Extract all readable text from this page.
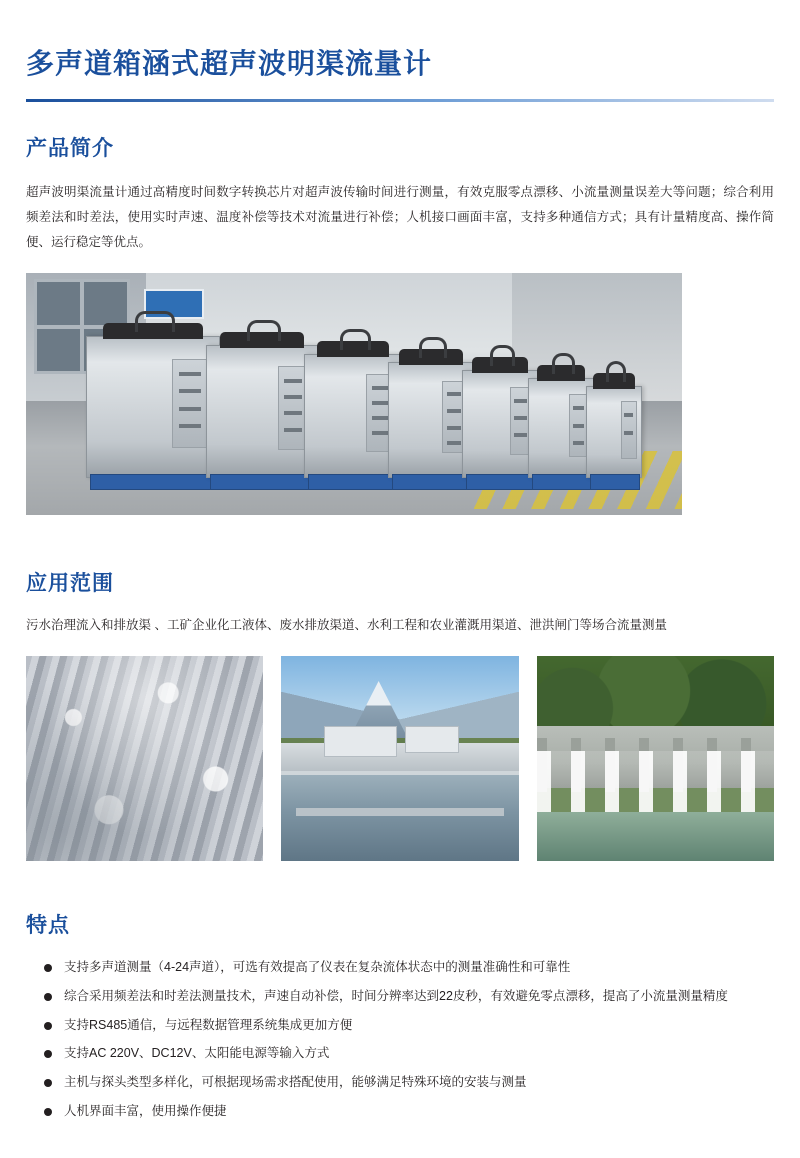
多声道箱涵式超声波明渠流量计
产品简介

超声波明渠流量计通过高精度时间数字转换芯片对超声波传输时间进行测量，有效克服零点漂移、小流量测量误差大等问题；综合利用频差法和时差法，使用实时声速、温度补偿等技术对流量进行补偿；人机接口画面丰富，支持多种通信方式；具有计量精度高、操作简便、运行稳定等优点。

应用范围

污水治理流入和排放渠 、工矿企业化工液体、废水排放渠道、水利工程和农业灌溉用渠道、泄洪闸门等场合流量测量

特点
支持多声道测量（4-24声道），可选有效提高了仪表在复杂流体状态中的测量准确性和可靠性
综合采用频差法和时差法测量技术，声速自动补偿，时间分辨率达到22皮秒，有效避免零点漂移，提高了小流量测量精度
支持RS485通信，与远程数据管理系统集成更加方便
支持AC 220V、DC12V、太阳能电源等输入方式
主机与探头类型多样化，可根据现场需求搭配使用，能够满足特殊环境的安装与测量
人机界面丰富，使用操作便捷
